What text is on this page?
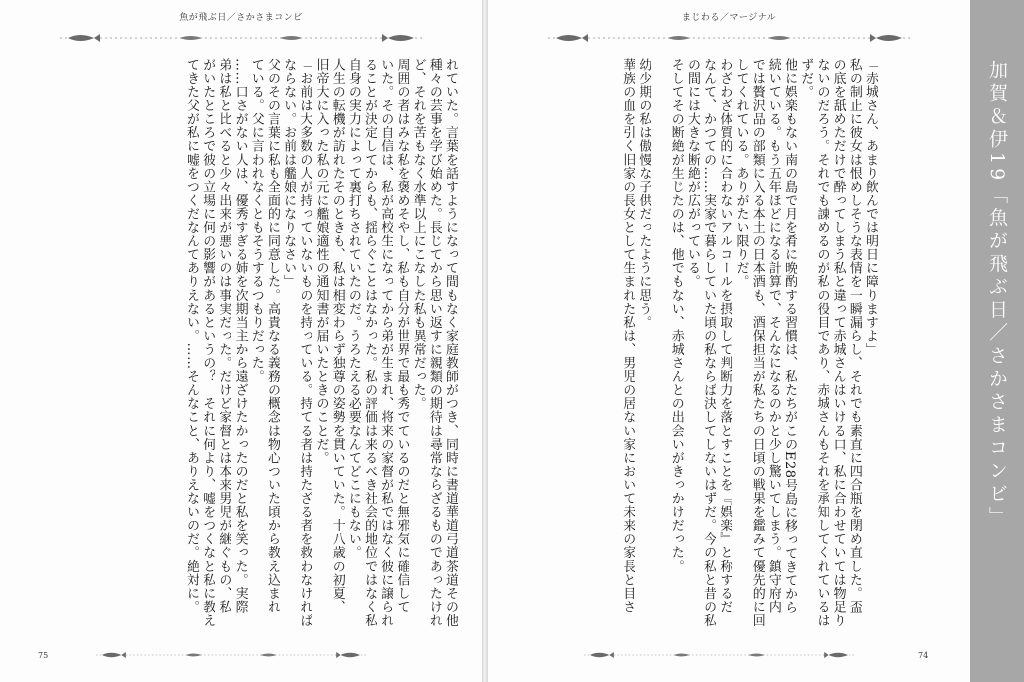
魚が飛ぶ日／さかさまコンビ
れていた。言葉を話すようになって間もなく家庭教師がつき、同時に書道華道弓道茶道その他
種々の芸事を学び始めた。長じてから思い返すに親類の期待は尋常ならざるものであったけれ
ど、それを苦もなく水準以上にこなした私も異常だった。
周囲の者はみな私を褒めそやし、私も自分が世界で最も秀でているのだと無邪気に確信して
いた。その自信は、私が高校生になってから弟が生まれ、将来の家督が私ではなく彼に譲られ
ることが決定してからも、揺らぐことはなかった。私の評価は来るべき社会的地位ではなく私
自身の実力によって裏打ちされていたのだ。うろたえる必要なんてどこにもない。
人生の転機が訪れたそのときも、私は相変わらず独尊の姿勢を貫いていた。十八歳の初夏、
旧帝大に入った私の元に艦娘適性の通知書が届いたときのことだ。
「お前は大多数の人が持っていないものを持っている。持てる者は持たざる者を救わなければ
ならない。お前は艦娘になりなさい」
父のその言葉に私も全面的に同意した。高貴なる義務の概念は物心ついた頃から教え込まれ
ている。父に言われなくともそうするつもりだった。
……口さがない人は、優秀すぎる姉を次期当主から遠ざけたかったのだと私を笑った。実際
弟は私と比べると少々出来が悪いのは事実だった。だけど家督とは本来男児が継ぐもの、私
がいたところで彼の立場に何の影響があるというの？　それに何より、嘘をつくなと私に教え
てきた父が私に嘘をつくだなんてありえない。……そんなこと、ありえないのだ。絶対に。
75
まじわる／マージナル
「赤城さん、あまり飲んでは明日に障りますよ」
私の制止に彼女は恨めしそうな表情を一瞬漏らし、それでも素直に四合瓶を閉め直した。盃
の底を舐めただけで酔ってしまう私と違って赤城さんはいける口、私に合わせていては物足り
ないのだろう。それでも諌めるのが私の役目であり、赤城さんもそれを承知してくれているは
ずだ。
他に娯楽もない南の島で月を肴に晩酌する習慣は、私たちがこのE28号島に移ってきてから
続いている。もう五年ほどになる計算で、そんなになるのかと少し驚いてしまう。鎮守府内
では贅沢品の部類に入る本土の日本酒も、酒保担当が私たちの日頃の戦果を鑑みて優先的に回
してくれている。ありがたい限りだ。
わざわざ体質的に合わないアルコールを摂取して判断力を落とすことを『娯楽』と称するだ
なんて、かつての……実家で暮らしていた頃の私ならば決してしないはずだ。今の私と昔の私
の間には大きな断絶が広がっている。
そしてその断絶が生じたのは、他でもない、赤城さんとの出会いがきっかけだった。
幼少期の私は傲慢な子供だったように思う。
華族の血を引く旧家の長女として生まれた私は、男児の居ない家において未来の家長と目さ
74
加賀＆伊19「魚が飛ぶ日／さかさまコンビ」
